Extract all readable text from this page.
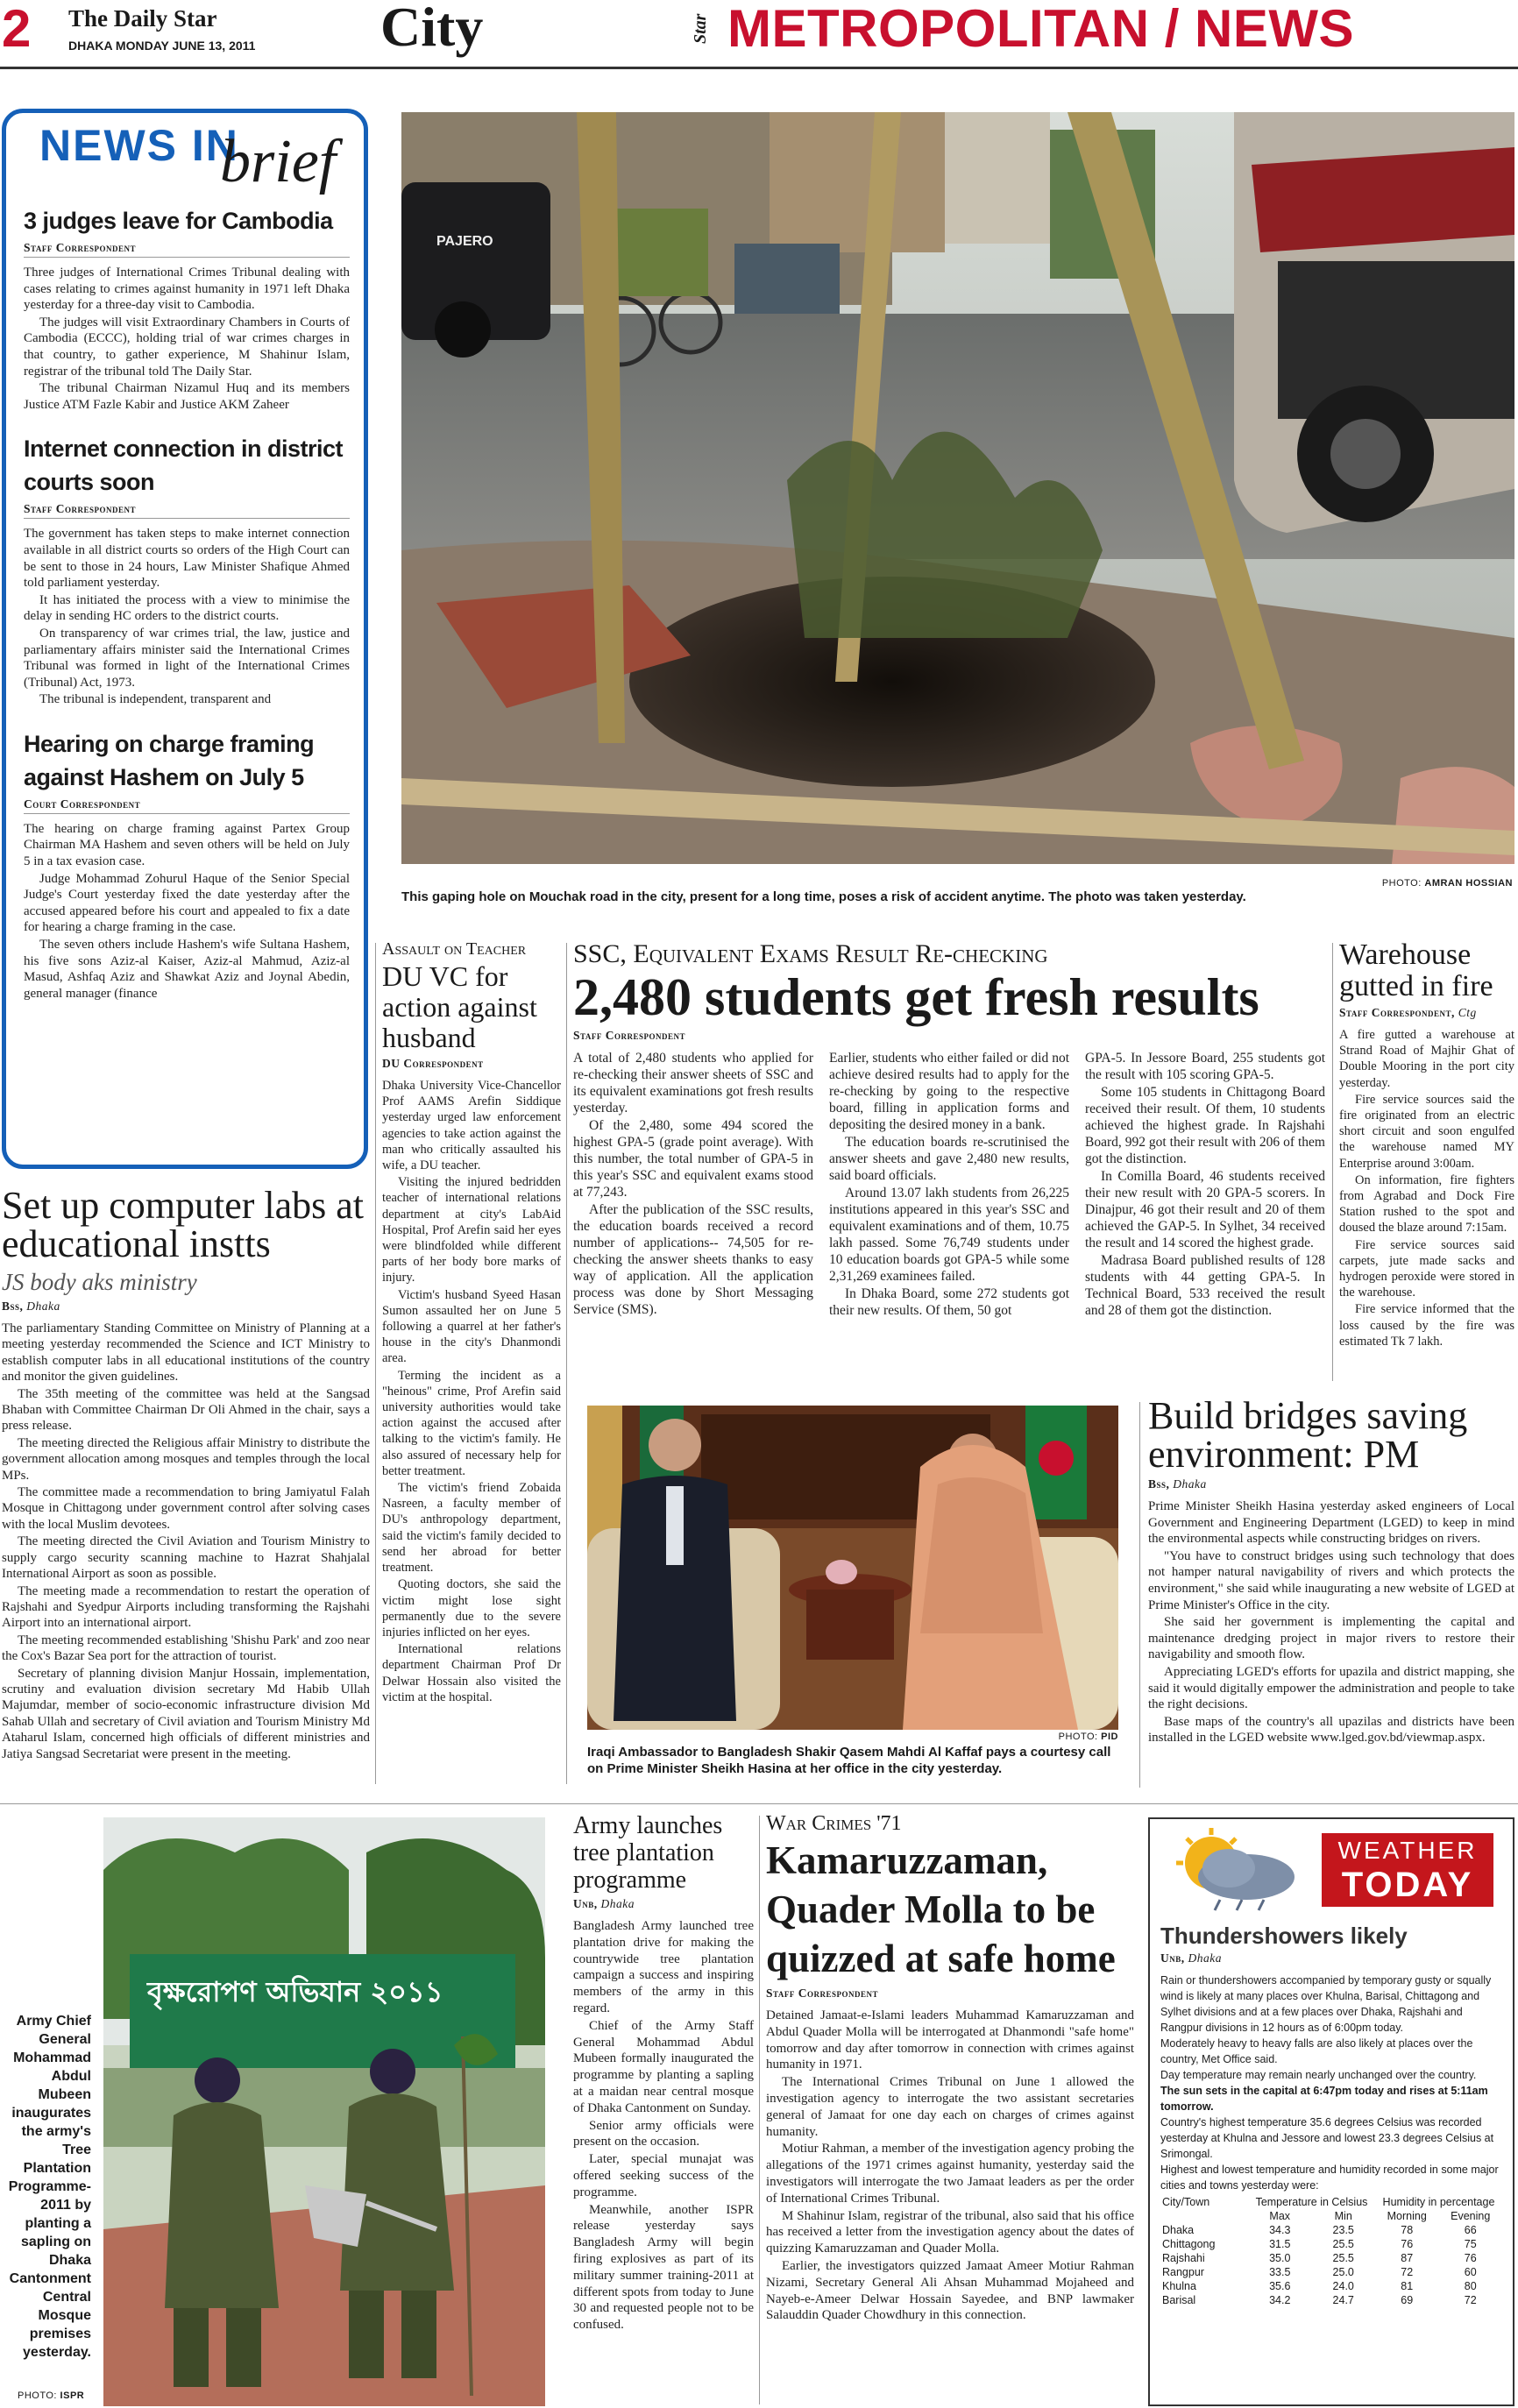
2 The Daily Star
DHAKA MONDAY JUNE 13, 2011 City	Star METROPOLITAN / NEWS
NEWS IN
brief
3 judges leave for Cambodia
Staff Correspondent

Three judges of International Crimes Tribunal dealing with cases relating to crimes against humanity in 1971 left Dhaka yesterday for a three-day visit to Cambodia.

The judges will visit Extraordinary Chambers in Courts of Cambodia (ECCC), holding trial of war crimes charges in that country, to gather experience, M Shahinur Islam, registrar of the tribunal told The Daily Star.

The tribunal Chairman Nizamul Huq and its members Justice ATM Fazle Kabir and Justice AKM Zaheer

Internet connection in district courts soon
Staff Correspondent

The government has taken steps to make internet connection available in all district courts so orders of the High Court can be sent to those in 24 hours, Law Minister Shafique Ahmed told parliament yesterday.

It has initiated the process with a view to minimise the delay in sending HC orders to the district courts.

On transparency of war crimes trial, the law, justice and parliamentary affairs minister said the International Crimes Tribunal was formed in light of the International Crimes (Tribunal) Act, 1973.

The tribunal is independent, transparent and

Hearing on charge framing against Hashem on July 5
Court Correspondent

The hearing on charge framing against Partex Group Chairman MA Hashem and seven others will be held on July 5 in a tax evasion case.

Judge Mohammad Zohurul Haque of the Senior Special Judge's Court yesterday fixed the date yesterday after the accused appeared before his court and appealed to fix a date for hearing a charge framing in the case.

The seven others include Hashem's wife Sultana Hashem, his five sons Aziz-al Kaiser, Aziz-al Mahmud, Aziz-al Masud, Ashfaq Aziz and Shawkat Aziz and Joynal Abedin, general manager (finance

PAJERO
PHOTO: AMRAN HOSSIAN
This gaping hole on Mouchak road in the city, present for a long time, poses a risk of accident anytime. The photo was taken yesterday.
Set up computer labs at educational instts
JS body aks ministry
Bss, Dhaka

The parliamentary Standing Committee on Ministry of Planning at a meeting yesterday recommended the Science and ICT Ministry to establish computer labs in all educational institutions of the country and monitor the given guidelines.

The 35th meeting of the committee was held at the Sangsad Bhaban with Committee Chairman Dr Oli Ahmed in the chair, says a press release.

The meeting directed the Religious affair Ministry to distribute the government allocation among mosques and temples through the local MPs.

The committee made a recommendation to bring Jamiyatul Falah Mosque in Chittagong under government control after solving cases with the local Muslim devotees.

The meeting directed the Civil Aviation and Tourism Ministry to supply cargo security scanning machine to Hazrat Shahjalal International Airport as soon as possible.

The meeting made a recommendation to restart the operation of Rajshahi and Syedpur Airports including transforming the Rajshahi Airport into an international airport.

The meeting recommended establishing 'Shishu Park' and zoo near the Cox's Bazar Sea port for the attraction of tourist.

Secretary of planning division Manjur Hossain, implementation, scrutiny and evaluation division secretary Md Habib Ullah Majumdar, member of socio-economic infrastructure division Md Sahab Ullah and secretary of Civil aviation and Tourism Ministry Md Ataharul Islam, concerned high officials of different ministries and Jatiya Sangsad Secretariat were present in the meeting.

Assault on Teacher
DU VC for action against husband
DU Correspondent

Dhaka University Vice-Chancellor Prof AAMS Arefin Siddique yesterday urged law enforcement agencies to take action against the man who critically assaulted his wife, a DU teacher.

Visiting the injured bedridden teacher of international relations department at city's LabAid Hospital, Prof Arefin said her eyes were blindfolded while different parts of her body bore marks of injury.

Victim's husband Syeed Hasan Sumon assaulted her on June 5 following a quarrel at her father's house in the city's Dhanmondi area.

Terming the incident as a "heinous" crime, Prof Arefin said university authorities would take action against the accused after talking to the victim's family. He also assured of necessary help for better treatment.

The victim's friend Zobaida Nasreen, a faculty member of DU's anthropology department, said the victim's family decided to send her abroad for better treatment.

Quoting doctors, she said the victim might lose sight permanently due to the severe injuries inflicted on her eyes.

International relations department Chairman Prof Dr Delwar Hossain also visited the victim at the hospital.

SSC, Equivalent Exams Result Re-checking
2,480 students get fresh results
Staff Correspondent

A total of 2,480 students who applied for re-checking their answer sheets of SSC and its equivalent examinations got fresh results yesterday.

Of the 2,480, some 494 scored the highest GPA-5 (grade point average). With this number, the total number of GPA-5 in this year's SSC and equivalent exams stood at 77,243.

After the publication of the SSC results, the education boards received a record number of applications-- 74,505 for re-checking the answer sheets thanks to easy way of application. All the application process was done by Short Messaging Service (SMS).

Earlier, students who either failed or did not achieve desired results had to apply for the re-checking by going to the respective board, filling in application forms and depositing the desired money in a bank.

The education boards re-scrutinised the answer sheets and gave 2,480 new results, said board officials.

Around 13.07 lakh students from 26,225 institutions appeared in this year's SSC and equivalent examinations and of them, 10.75 lakh passed. Some 76,749 students under 10 education boards got GPA-5 while some 2,31,269 examinees failed.

In Dhaka Board, some 272 students got their new results. Of them, 50 got

GPA-5. In Jessore Board, 255 students got the result with 105 scoring GPA-5.

Some 105 students in Chittagong Board received their result. Of them, 10 students achieved the highest grade. In Rajshahi Board, 992 got their result with 206 of them got the distinction.

In Comilla Board, 46 students received their new result with 20 GPA-5 scorers. In Dinajpur, 46 got their result and 20 of them achieved the GAP-5. In Sylhet, 34 received the result and 14 scored the highest grade.

Madrasa Board published results of 128 students with 44 getting GPA-5. In Technical Board, 533 received the result and 28 of them got the distinction.

Warehouse gutted in fire
Staff Correspondent, Ctg

A fire gutted a warehouse at Strand Road of Majhir Ghat of Double Mooring in the port city yesterday.

Fire service sources said the fire originated from an electric short circuit and soon engulfed the warehouse named MY Enterprise around 3:00am.

On information, fire fighters from Agrabad and Dock Fire Station rushed to the spot and doused the blaze around 7:15am.

Fire service sources said carpets, jute made sacks and hydrogen peroxide were stored in the warehouse.

Fire service informed that the loss caused by the fire was estimated Tk 7 lakh.

PHOTO: PID
Iraqi Ambassador to Bangladesh Shakir Qasem Mahdi Al Kaffaf pays a courtesy call on Prime Minister Sheikh Hasina at her office in the city yesterday.
Build bridges saving environment: PM
Bss, Dhaka

Prime Minister Sheikh Hasina yesterday asked engineers of Local Government and Engineering Department (LGED) to keep in mind the environmental aspects while constructing bridges on rivers.

"You have to construct bridges using such technology that does not hamper natural navigability of rivers and which protects the environment," she said while inaugurating a new website of LGED at Prime Minister's Office in the city.

She said her government is implementing the capital and maintenance dredging project in major rivers to restore their navigability and smooth flow.

Appreciating LGED's efforts for upazila and district mapping, she said it would digitally empower the administration and people to take the right decisions.

Base maps of the country's all upazilas and districts have been installed in the LGED website www.lged.gov.bd/viewmap.aspx.

Army Chief General Mohammad Abdul Mubeen inaugurates the army's Tree Plantation Programme-2011 by planting a sapling on Dhaka Cantonment Central Mosque premises yesterday.
PHOTO: ISPR
বৃক্ষরোপণ অভিযান ২০১১
Army launches tree plantation programme
Unb, Dhaka

Bangladesh Army launched tree plantation drive for making the countrywide tree plantation campaign a success and inspiring members of the army in this regard.

Chief of the Army Staff General Mohammad Abdul Mubeen formally inaugurated the programme by planting a sapling at a maidan near central mosque of Dhaka Cantonment on Sunday.

Senior army officials were present on the occasion.

Later, special munajat was offered seeking success of the programme.

Meanwhile, another ISPR release yesterday says Bangladesh Army will begin firing explosives as part of its military summer training-2011 at different spots from today to June 30 and requested people not to be confused.

War Crimes '71
Kamaruzzaman, Quader Molla to be quizzed at safe home
Staff Correspondent

Detained Jamaat-e-Islami leaders Muhammad Kamaruzzaman and Abdul Quader Molla will be interrogated at Dhanmondi "safe home" tomorrow and day after tomorrow in connection with crimes against humanity in 1971.

The International Crimes Tribunal on June 1 allowed the investigation agency to interrogate the two assistant secretaries general of Jamaat for one day each on charges of crimes against humanity.

Motiur Rahman, a member of the investigation agency probing the allegations of the 1971 crimes against humanity, yesterday said the investigators will interrogate the two Jamaat leaders as per the order of International Crimes Tribunal.

M Shahinur Islam, registrar of the tribunal, also said that his office has received a letter from the investigation agency about the dates of quizzing Kamaruzzaman and Quader Molla.

Earlier, the investigators quizzed Jamaat Ameer Motiur Rahman Nizami, Secretary General Ali Ahsan Muhammad Mojaheed and Nayeb-e-Ameer Delwar Hossain Sayedee, and BNP lawmaker Salauddin Quader Chowdhury in this connection.

WEATHER
TODAY
Thundershowers likely
Unb, Dhaka
Rain or thundershowers accompanied by temporary gusty or squally wind is likely at many places over Khulna, Barisal, Chittagong and Sylhet divisions and at a few places over Dhaka, Rajshahi and Rangpur divisions in 12 hours as of 6:00pm today.
Moderately heavy to heavy falls are also likely at places over the country, Met Office said.
Day temperature may remain nearly unchanged over the country.
The sun sets in the capital at 6:47pm today and rises at 5:11am tomorrow.
Country's highest temperature 35.6 degrees Celsius was recorded yesterday at Khulna and Jessore and lowest 23.3 degrees Celsius at Srimongal.
Highest and lowest temperature and humidity recorded in some major cities and towns yesterday were:
City/Town	Temperature in Celsius		Humidity in percentage	
	Max	Min	Morning	Evening
Dhaka	34.3	23.5	78	66
Chittagong	31.5	25.5	76	75
Rajshahi	35.0	25.5	87	76
Rangpur	33.5	25.0	72	60
Khulna	35.6	24.0	81	80
Barisal	34.2	24.7	69	72
